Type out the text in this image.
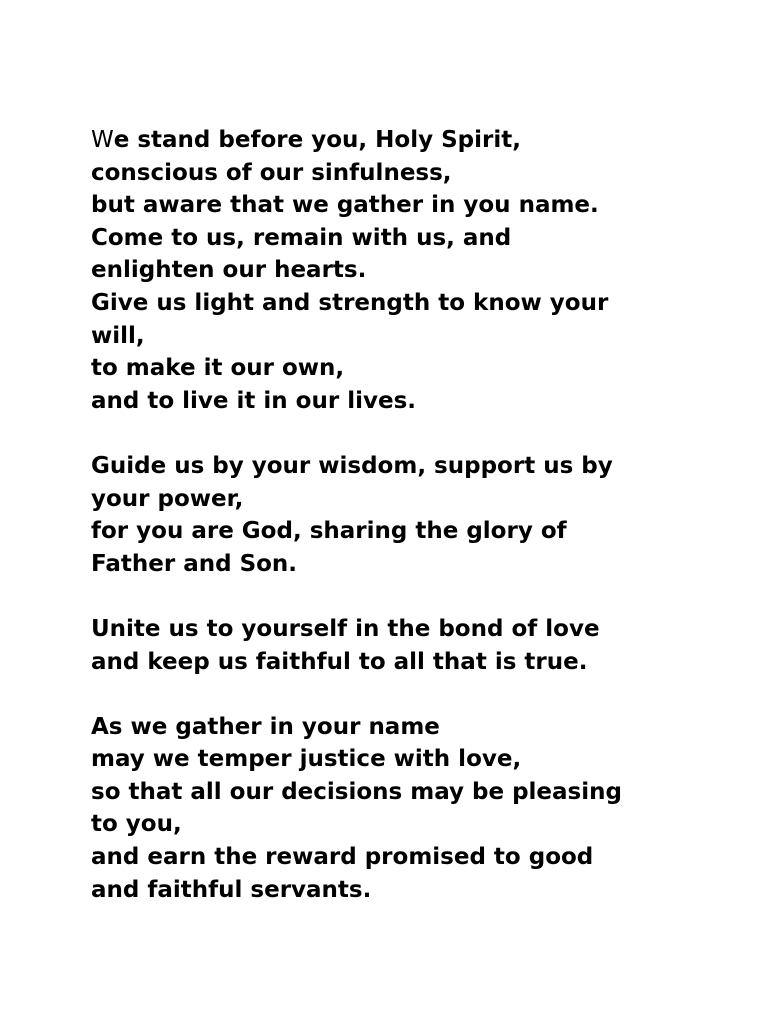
We stand before you, Holy Spirit,
conscious of our sinfulness,
but aware that we gather in you name.
Come to us, remain with us, and
enlighten our hearts.
Give us light and strength to know your
will,
to make it our own,
and to live it in our lives.
Guide us by your wisdom, support us by
your power,
for you are God, sharing the glory of
Father and Son.
Unite us to yourself in the bond of love
and keep us faithful to all that is true.
As we gather in your name
may we temper justice with love,
so that all our decisions may be pleasing
to you,
and earn the reward promised to good
and faithful servants.
